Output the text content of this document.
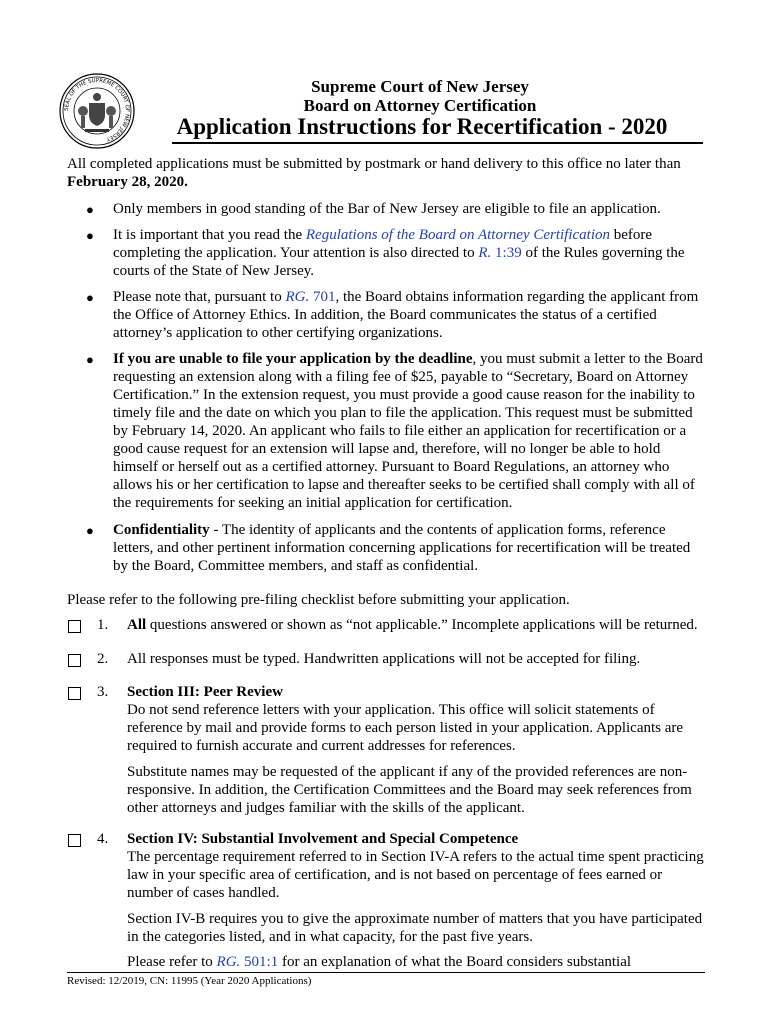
SEAL OF THE SUPREME COURT OF NEW JERSEY
Supreme Court of New Jersey
Board on Attorney Certification
Application Instructions for Recertification - 2020
All completed applications must be submitted by postmark or hand delivery to this office no later than
February 28, 2020.
● Only members in good standing of the Bar of New Jersey are eligible to file an application.
● It is important that you read the Regulations of the Board on Attorney Certification before completing the application. Your attention is also directed to R. 1:39 of the Rules governing the courts of the State of New Jersey.
● Please note that, pursuant to RG. 701, the Board obtains information regarding the applicant from the Office of Attorney Ethics. In addition, the Board communicates the status of a certified attorney’s application to other certifying organizations.
● If you are unable to file your application by the deadline, you must submit a letter to the Board requesting an extension along with a filing fee of $25, payable to “Secretary, Board on Attorney Certification.” In the extension request, you must provide a good cause reason for the inability to timely file and the date on which you plan to file the application. This request must be submitted by February 14, 2020. An applicant who fails to file either an application for recertification or a good cause request for an extension will lapse and, therefore, will no longer be able to hold himself or herself out as a certified attorney. Pursuant to Board Regulations, an attorney who allows his or her certification to lapse and thereafter seeks to be certified shall comply with all of the requirements for seeking an initial application for certification.
● Confidentiality - The identity of applicants and the contents of application forms, reference letters, and other pertinent information concerning applications for recertification will be treated by the Board, Committee members, and staff as confidential.
Please refer to the following pre-filing checklist before submitting your application.
1. All questions answered or shown as “not applicable.” Incomplete applications will be returned.
2. All responses must be typed. Handwritten applications will not be accepted for filing.
3. Section III: Peer Review
Do not send reference letters with your application. This office will solicit statements of reference by mail and provide forms to each person listed in your application. Applicants are required to furnish accurate and current addresses for references.
Substitute names may be requested of the applicant if any of the provided references are non-responsive. In addition, the Certification Committees and the Board may seek references from other attorneys and judges familiar with the skills of the applicant.
4. Section IV: Substantial Involvement and Special Competence
The percentage requirement referred to in Section IV-A refers to the actual time spent practicing law in your specific area of certification, and is not based on percentage of fees earned or number of cases handled.
Section IV-B requires you to give the approximate number of matters that you have participated in the categories listed, and in what capacity, for the past five years.
Please refer to RG. 501:1 for an explanation of what the Board considers substantial
Revised: 12/2019, CN: 11995 (Year 2020 Applications)
